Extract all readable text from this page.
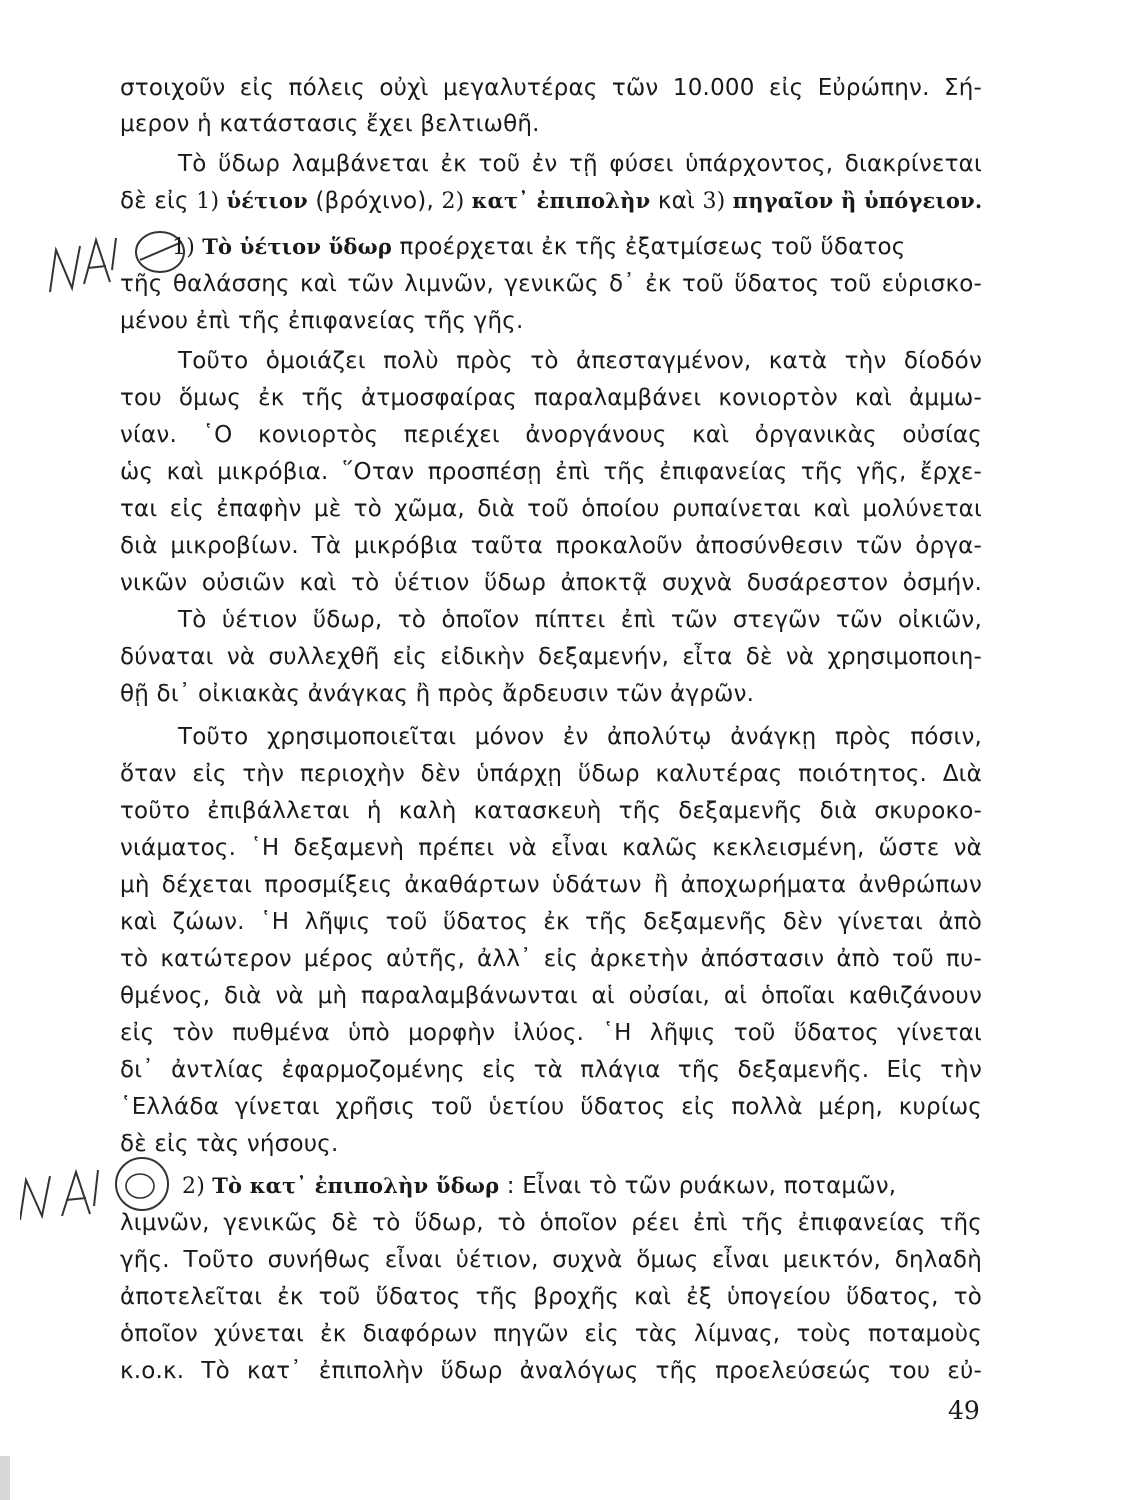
στοιχοῦν εἰς πόλεις οὐχὶ μεγαλυτέρας τῶν 10.000 εἰς Εὐρώπην. Σή-
μερον ἡ κατάστασις ἔχει βελτιωθῆ.
Τὸ ὕδωρ λαμβάνεται ἐκ τοῦ ἐν τῇ φύσει ὑπάρχοντος, διακρίνεται
δὲ εἰς 1) ὑέτιον (βρόχινο), 2) κατ᾽ ἐπιπολὴν καὶ 3) πηγαῖον ἢ ὑπόγειον.
1) Τὸ ὑέτιον ὕδωρ προέρχεται ἐκ τῆς ἐξατμίσεως τοῦ ὕδατος
τῆς θαλάσσης καὶ τῶν λιμνῶν, γενικῶς δ᾽ ἐκ τοῦ ὕδατος τοῦ εὑρισκο-
μένου ἐπὶ τῆς ἐπιφανείας τῆς γῆς.
Τοῦτο ὁμοιάζει πολὺ πρὸς τὸ ἀπεσταγμένον, κατὰ τὴν δίοδόν
του ὅμως ἐκ τῆς ἀτμοσφαίρας παραλαμβάνει κονιορτὸν καὶ ἀμμω-
νίαν. ῾Ο κονιορτὸς περιέχει ἀνοργάνους καὶ ὀργανικὰς οὐσίας
ὡς καὶ μικρόβια. ῞Οταν προσπέσῃ ἐπὶ τῆς ἐπιφανείας τῆς γῆς, ἔρχε-
ται εἰς ἐπαφὴν μὲ τὸ χῶμα, διὰ τοῦ ὁποίου ρυπαίνεται καὶ μολύνεται
διὰ μικροβίων. Τὰ μικρόβια ταῦτα προκαλοῦν ἀποσύνθεσιν τῶν ὀργα-
νικῶν οὐσιῶν καὶ τὸ ὑέτιον ὕδωρ ἀποκτᾷ συχνὰ δυσάρεστον ὀσμήν.
Τὸ ὑέτιον ὕδωρ, τὸ ὁποῖον πίπτει ἐπὶ τῶν στεγῶν τῶν οἰκιῶν,
δύναται νὰ συλλεχθῆ εἰς εἰδικὴν δεξαμενήν, εἶτα δὲ νὰ χρησιμοποιη-
θῇ δι᾽ οἰκιακὰς ἀνάγκας ἢ πρὸς ἄρδευσιν τῶν ἀγρῶν.
Τοῦτο χρησιμοποιεῖται μόνον ἐν ἀπολύτῳ ἀνάγκῃ πρὸς πόσιν,
ὅταν εἰς τὴν περιοχὴν δὲν ὑπάρχῃ ὕδωρ καλυτέρας ποιότητος. Διὰ
τοῦτο ἐπιβάλλεται ἡ καλὴ κατασκευὴ τῆς δεξαμενῆς διὰ σκυροκο-
νιάματος. ῾Η δεξαμενὴ πρέπει νὰ εἶναι καλῶς κεκλεισμένη, ὥστε νὰ
μὴ δέχεται προσμίξεις ἀκαθάρτων ὑδάτων ἢ ἀποχωρήματα ἀνθρώπων
καὶ ζώων. ῾Η λῆψις τοῦ ὕδατος ἐκ τῆς δεξαμενῆς δὲν γίνεται ἀπὸ
τὸ κατώτερον μέρος αὐτῆς, ἀλλ᾽ εἰς ἀρκετὴν ἀπόστασιν ἀπὸ τοῦ πυ-
θμένος, διὰ νὰ μὴ παραλαμβάνωνται αἱ οὐσίαι, αἱ ὁποῖαι καθιζάνουν
εἰς τὸν πυθμένα ὑπὸ μορφὴν ἰλύος. ῾Η λῆψις τοῦ ὕδατος γίνεται
δι᾽ ἀντλίας ἐφαρμοζομένης εἰς τὰ πλάγια τῆς δεξαμενῆς. Εἰς τὴν
῾Ελλάδα γίνεται χρῆσις τοῦ ὑετίου ὕδατος εἰς πολλὰ μέρη, κυρίως
δὲ εἰς τὰς νήσους.
2) Τὸ κατ᾽ ἐπιπολὴν ὕδωρ : Εἶναι τὸ τῶν ρυάκων, ποταμῶν,
λιμνῶν, γενικῶς δὲ τὸ ὕδωρ, τὸ ὁποῖον ρέει ἐπὶ τῆς ἐπιφανείας τῆς
γῆς. Τοῦτο συνήθως εἶναι ὑέτιον, συχνὰ ὅμως εἶναι μεικτόν, δηλαδὴ
ἀποτελεῖται ἐκ τοῦ ὕδατος τῆς βροχῆς καὶ ἐξ ὑπογείου ὕδατος, τὸ
ὁποῖον χύνεται ἐκ διαφόρων πηγῶν εἰς τὰς λίμνας, τοὺς ποταμοὺς
κ.ο.κ. Τὸ κατ᾽ ἐπιπολὴν ὕδωρ ἀναλόγως τῆς προελεύσεώς του εὐ-
49
